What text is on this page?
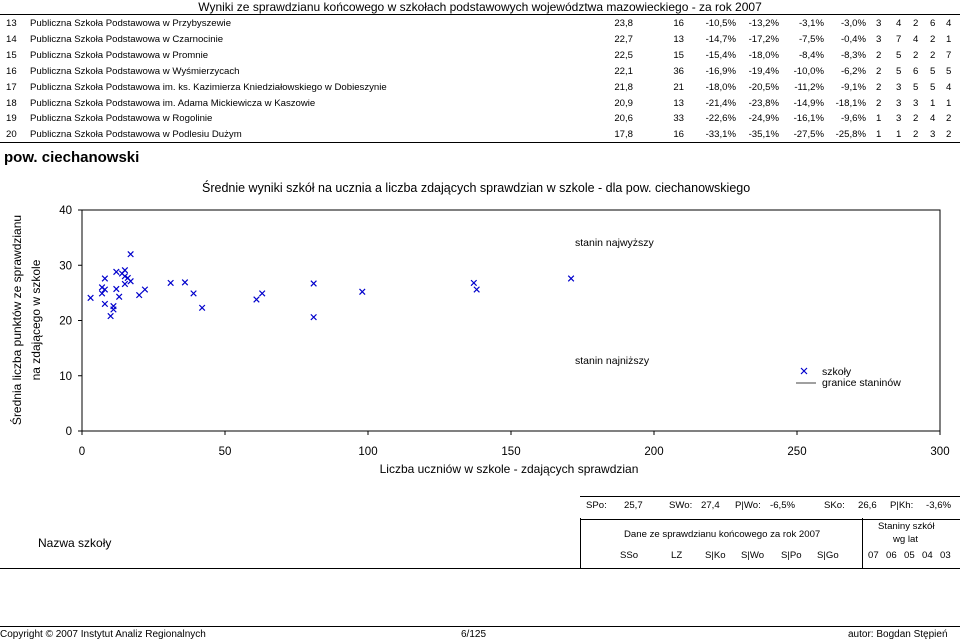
Wyniki ze sprawdzianu końcowego w szkołach podstawowych województwa mazowieckiego - za rok 2007
13	Publiczna Szkoła Podstawowa w Przybyszewie	23,8	16	-10,5%	-13,2%	-3,1%	-3,0% 3 4 2 6 4
14	Publiczna Szkoła Podstawowa w Czarnocinie	22,7	13	-14,7%	-17,2%	-7,5%	-0,4% 3 7 4 2 1
15	Publiczna Szkoła Podstawowa w Promnie	22,5	15	-15,4%	-18,0%	-8,4%	-8,3% 2 5 2 2 7
16	Publiczna Szkoła Podstawowa w Wyśmierzycach	22,1	36	-16,9%	-19,4%	-10,0%	-6,2% 2 5 6 5 5
17	Publiczna Szkoła Podstawowa im. ks. Kazimierza Kniedziałowskiego w Dobieszynie	21,8	21	-18,0%	-20,5%	-11,2%	-9,1% 2 3 5 5 4
18	Publiczna Szkoła Podstawowa im. Adama Mickiewicza w Kaszowie	20,9	13	-21,4%	-23,8%	-14,9%	-18,1% 2 3 3 1 1
19	Publiczna Szkoła Podstawowa w Rogolinie	20,6	33	-22,6%	-24,9%	-16,1%	-9,6% 1 3 2 4 2
20	Publiczna Szkoła Podstawowa w Podlesiu Dużym	17,8	16	-33,1%	-35,1%	-27,5%	-25,8% 1 1 2 3 2
pow. ciechanowski
Średnie wyniki szkół na ucznia a liczba zdających sprawdzian w szkole - dla pow. ciechanowskiego
0
10
20
30
40
0	50	100	150	200	250	300
Liczba uczniów w szkole - zdających sprawdzian
Średnia liczba punktów ze sprawdzianu na zdającego w szkole
stanin najwyższy
stanin najniższy
szkoły
granice staninów
SPo: 25,7	SWo: 27,4 P|Wo: -6,5%	SKo: 26,6 P|Kh: -3,6%
Nazwa szkoły
Dane ze sprawdzianu końcowego za rok 2007
SSo	LZ S|Ko S|Wo S|Po S|Go
Staniny szkół
wg lat
07 06 05 04 03
Copyright © 2007 Instytut Analiz Regionalnych	6/125	autor: Bogdan Stępień
